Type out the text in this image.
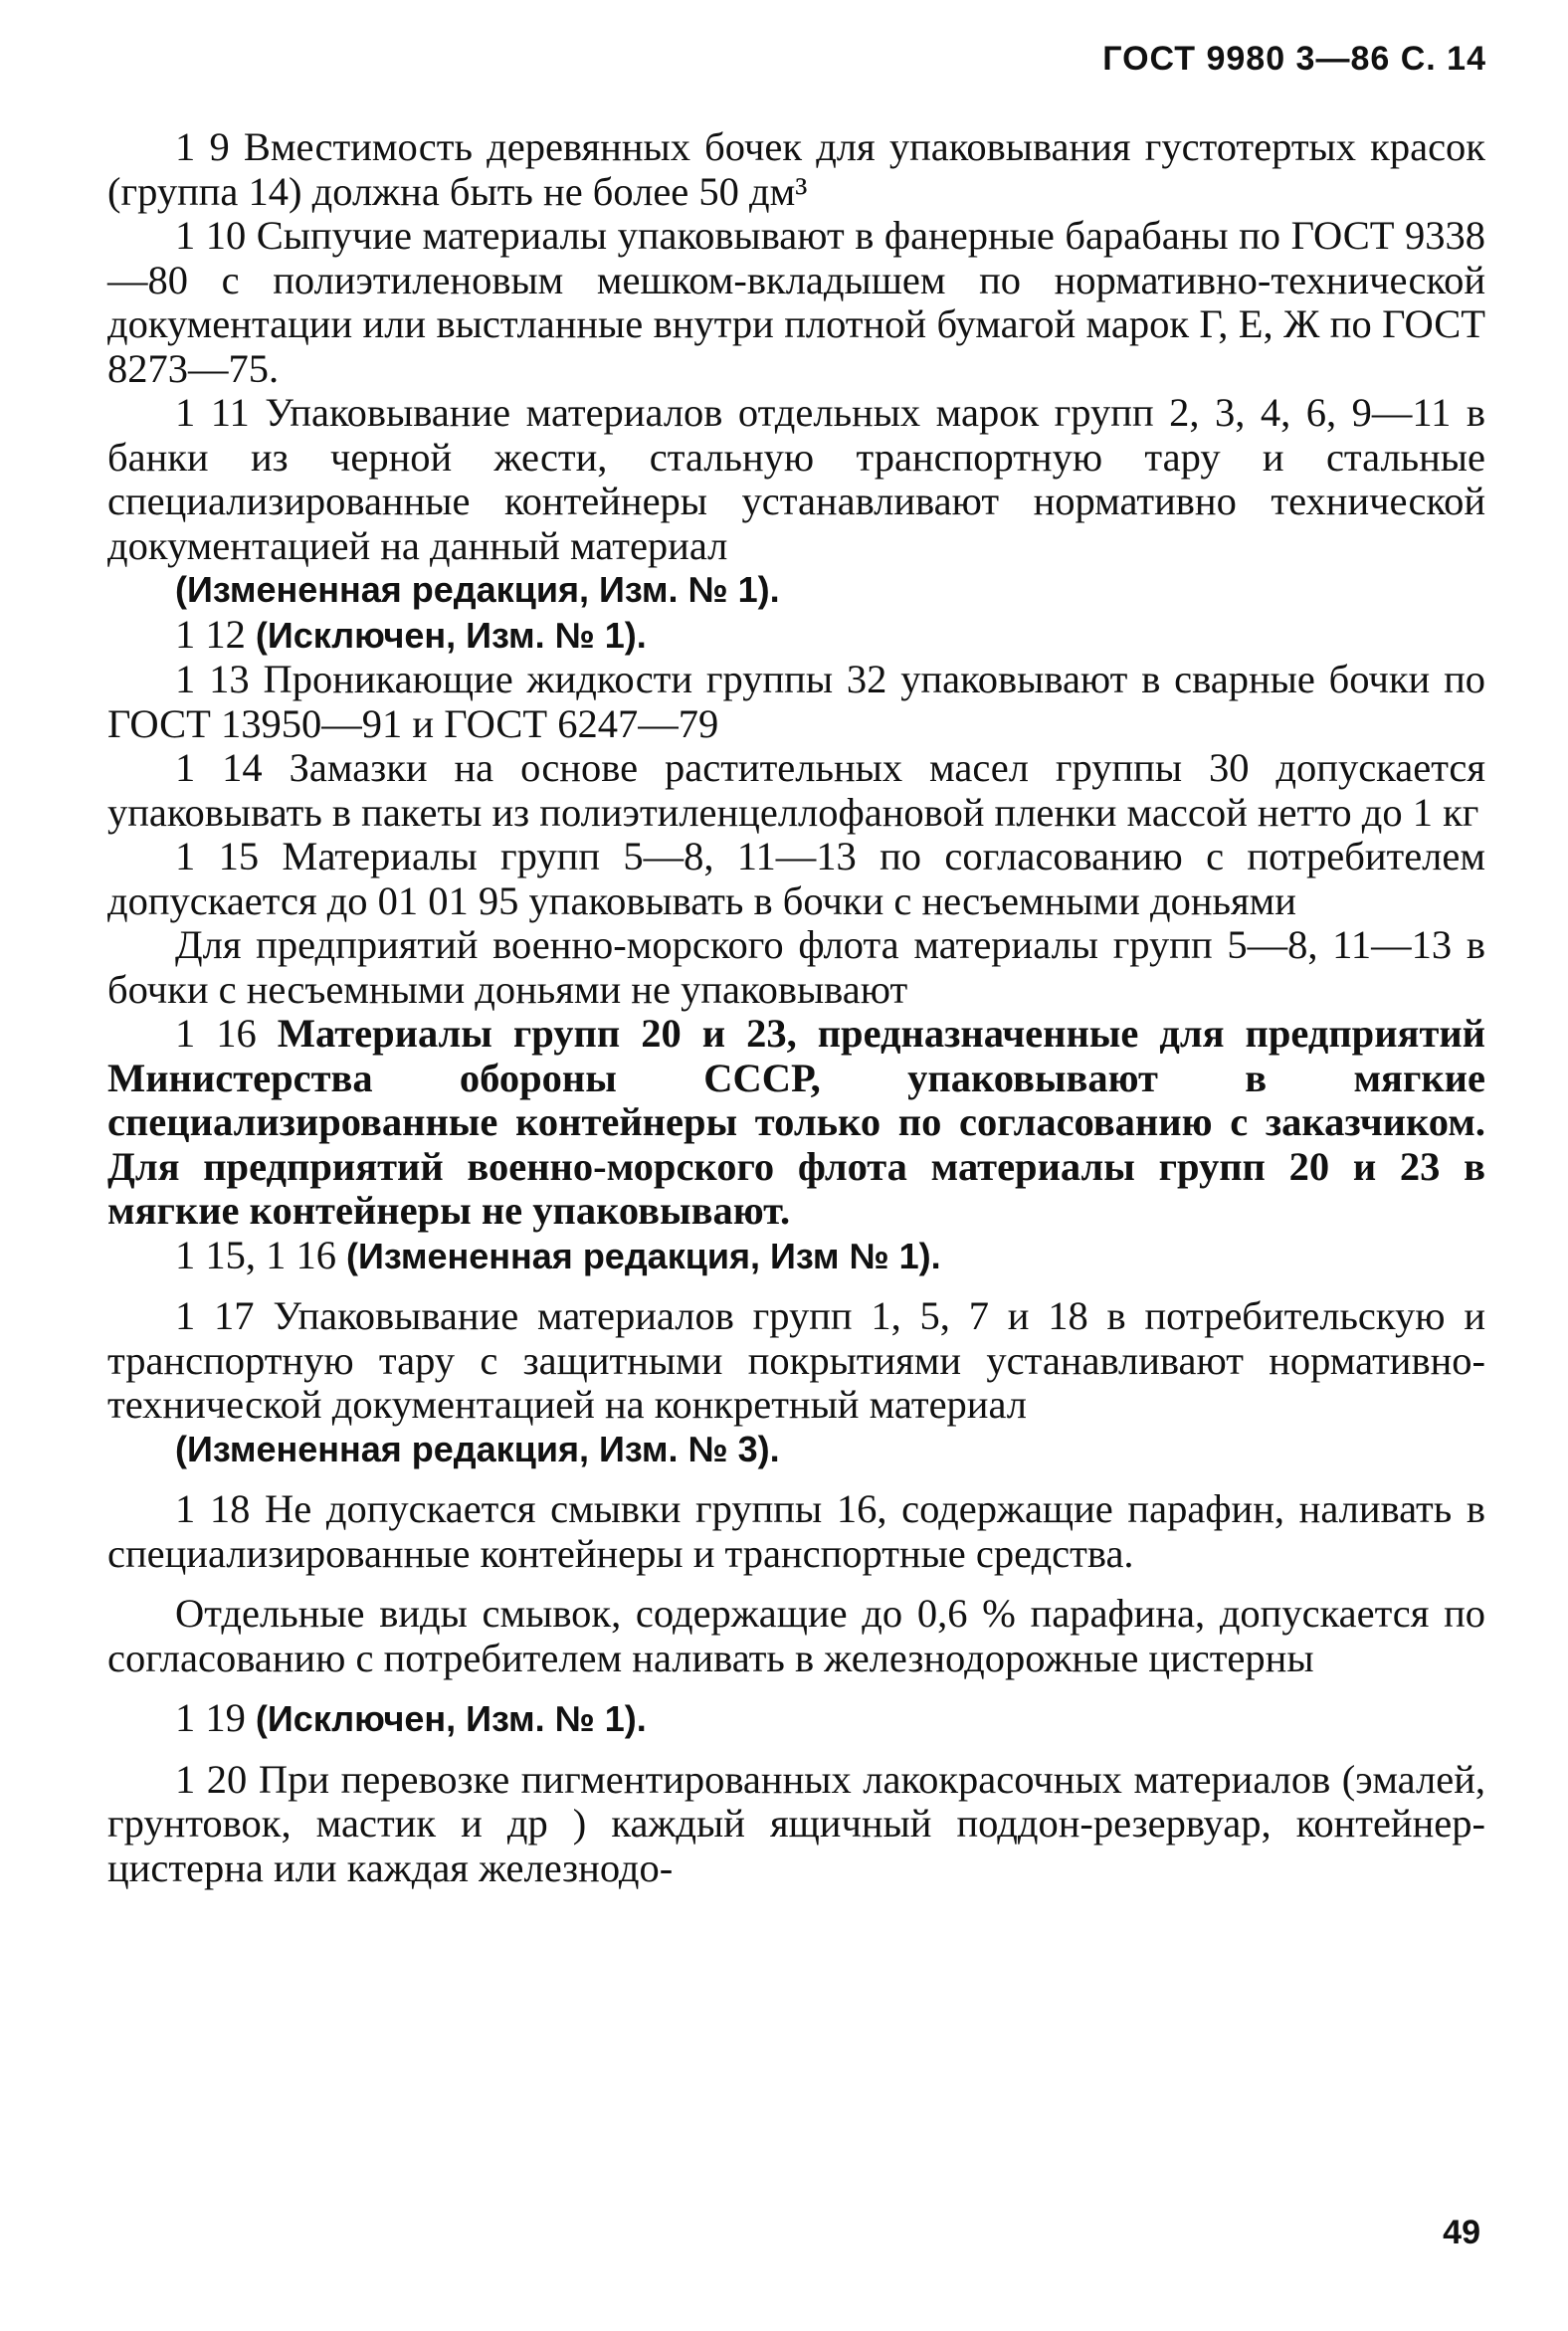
ГОСТ 9980 3—86 С. 14

1 9 Вместимость деревянных бочек для упаковывания густотертых красок (группа 14) должна быть не более 50 дм³

1 10 Сыпучие материалы упаковывают в фанерные барабаны по ГОСТ 9338—80 с полиэтиленовым мешком-вкладышем по нормативно-технической документации или выстланные внутри плотной бумагой марок Г, Е, Ж по ГОСТ 8273—75.

1 11 Упаковывание материалов отдельных марок групп 2, 3, 4, 6, 9—11 в банки из черной жести, стальную транспортную тару и стальные специализированные контейнеры устанавливают нормативно технической документацией на данный материал

(Измененная редакция, Изм. № 1).

1 12 (Исключен, Изм. № 1).

1 13 Проникающие жидкости группы 32 упаковывают в сварные бочки по ГОСТ 13950—91 и ГОСТ 6247—79

1 14 Замазки на основе растительных масел группы 30 допускается упаковывать в пакеты из полиэтиленцеллофановой пленки массой нетто до 1 кг

1 15 Материалы групп 5—8, 11—13 по согласованию с потребителем допускается до 01 01 95 упаковывать в бочки с несъемными доньями

Для предприятий военно-морского флота материалы групп 5—8, 11—13 в бочки с несъемными доньями не упаковывают

1 16 Материалы групп 20 и 23, предназначенные для предприятий Министерства обороны СССР, упаковывают в мягкие специализированные контейнеры только по согласованию с заказчиком. Для предприятий военно-морского флота материалы групп 20 и 23 в мягкие контейнеры не упаковывают.

1 15, 1 16 (Измененная редакция, Изм № 1).

1 17 Упаковывание материалов групп 1, 5, 7 и 18 в потребительскую и транспортную тару с защитными покрытиями устанавливают нормативно-технической документацией на конкретный материал

(Измененная редакция, Изм. № 3).

1 18 Не допускается смывки группы 16, содержащие парафин, наливать в специализированные контейнеры и транспортные средства.

Отдельные виды смывок, содержащие до 0,6 % парафина, допускается по согласованию с потребителем наливать в железнодорожные цистерны

1 19 (Исключен, Изм. № 1).

1 20 При перевозке пигментированных лакокрасочных материалов (эмалей, грунтовок, мастик и др ) каждый ящичный поддон-резервуар, контейнер-цистерна или каждая железнодо-

49
